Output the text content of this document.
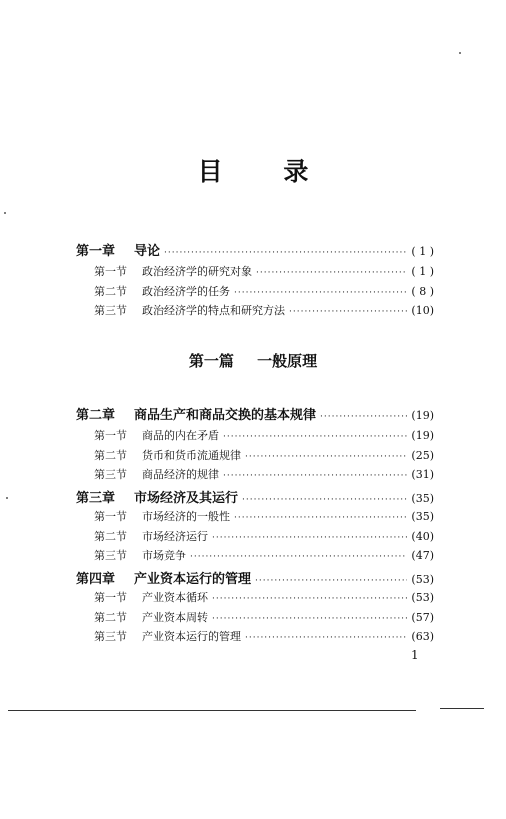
目 录
第一章	导论 ·····	( 1 )
第一节	政治经济学的研究对象 ·····	( 1 )
第二节	政治经济学的任务 ·····	( 8 )
第三节	政治经济学的特点和研究方法 ·····	(10)
第一篇 一般原理
第二章	商品生产和商品交换的基本规律 ·····	(19)
第一节	商品的内在矛盾 ·····	(19)
第二节	货币和货币流通规律 ·····	(25)
第三节	商品经济的规律 ·····	(31)
第三章	市场经济及其运行 ·····	(35)
第一节	市场经济的一般性 ·····	(35)
第二节	市场经济运行 ·····	(40)
第三节	市场竞争 ·····	(47)
第四章	产业资本运行的管理 ·····	(53)
第一节	产业资本循环 ·····	(53)
第二节	产业资本周转 ·····	(57)
第三节	产业资本运行的管理 ·····	(63)
1
